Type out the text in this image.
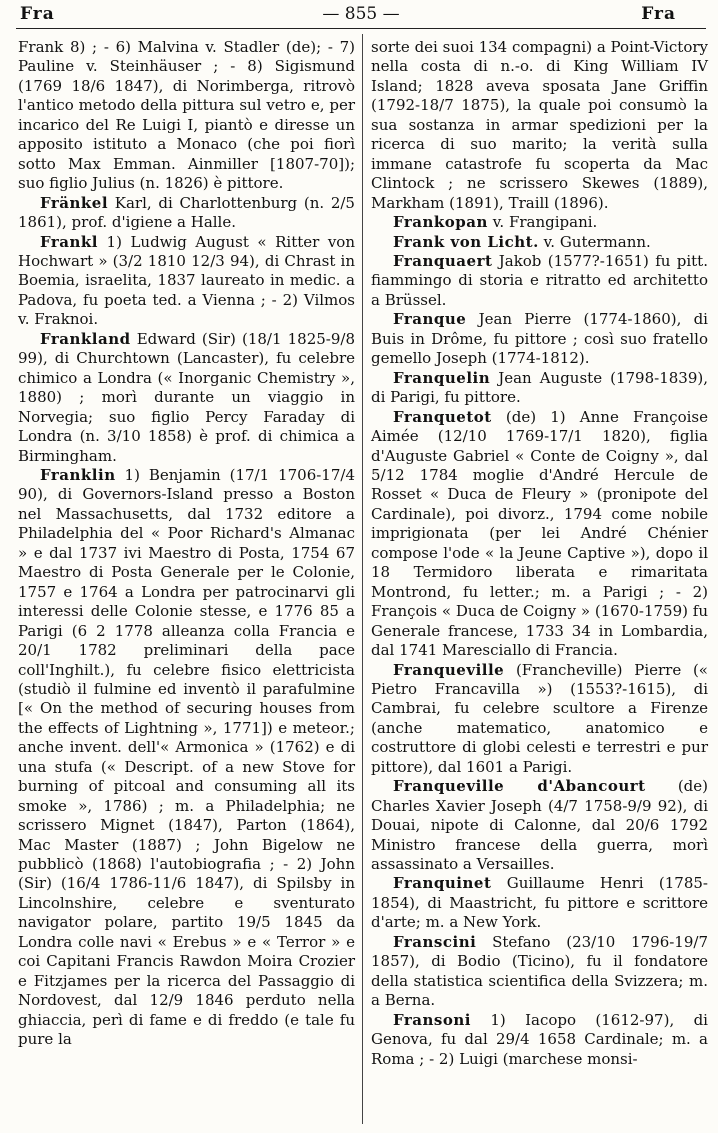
Fra	— 855 —	Fra

Frank 8) ; - 6) Malvina v. Stadler (de); - 7) Pauline v. Steinhäuser ; - 8) Sigismund (1769 18/6 1847), di Norimberga, ritrovò l'antico metodo della pittura sul vetro e, per incarico del Re Luigi I, piantò e diresse un apposito istituto a Monaco (che poi fiorì sotto Max Emman. Ainmiller [1807-70]); suo figlio Julius (n. 1826) è pittore.

Fränkel Karl, di Charlottenburg (n. 2/5 1861), prof. d'igiene a Halle.

Frankl 1) Ludwig August « Ritter von Hochwart » (3/2 1810 12/3 94), di Chrast in Boemia, israelita, 1837 laureato in medic. a Padova, fu poeta ted. a Vienna ; - 2) Vilmos v. Fraknoi.

Frankland Edward (Sir) (18/1 1825-9/8 99), di Churchtown (Lancaster), fu celebre chimico a Londra (« Inorganic Chemistry », 1880) ; morì durante un viaggio in Norvegia; suo figlio Percy Faraday di Londra (n. 3/10 1858) è prof. di chimica a Birmingham.

Franklin 1) Benjamin (17/1 1706-17/4 90), di Governors-Island presso a Boston nel Massachusetts, dal 1732 editore a Philadelphia del « Poor Richard's Almanac » e dal 1737 ivi Maestro di Posta, 1754 67 Maestro di Posta Generale per le Colonie, 1757 e 1764 a Londra per patrocinarvi gli interessi delle Colonie stesse, e 1776 85 a Parigi (6 2 1778 alleanza colla Francia e 20/1 1782 preliminari della pace coll'Inghilt.), fu celebre fisico elettricista (studiò il fulmine ed inventò il parafulmine [« On the method of securing houses from the effects of Lightning », 1771]) e meteor.; anche invent. dell'« Armonica » (1762) e di una stufa (« Descript. of a new Stove for burning of pitcoal and consuming all its smoke », 1786) ; m. a Philadelphia; ne scrissero Mignet (1847), Parton (1864), Mac Master (1887) ; John Bigelow ne pubblicò (1868) l'autobiografia ; - 2) John (Sir) (16/4 1786-11/6 1847), di Spilsby in Lincolnshire, celebre e sventurato navigator polare, partito 19/5 1845 da Londra colle navi « Erebus » e « Terror » e coi Capitani Francis Rawdon Moira Crozier e Fitzjames per la ricerca del Passaggio di Nordovest, dal 12/9 1846 perduto nella ghiaccia, perì di fame e di freddo (e tale fu pure la

sorte dei suoi 134 compagni) a Point-Victory nella costa di n.-o. di King William IV Island; 1828 aveva sposata Jane Griffin (1792-18/7 1875), la quale poi consumò la sua sostanza in armar spedizioni per la ricerca di suo marito; la verità sulla immane catastrofe fu scoperta da Mac Clintock ; ne scrissero Skewes (1889), Markham (1891), Traill (1896).

Frankopan v. Frangipani.

Frank von Licht. v. Gutermann.

Franquaert Jakob (1577?-1651) fu pitt. fiammingo di storia e ritratto ed architetto a Brüssel.

Franque Jean Pierre (1774-1860), di Buis in Drôme, fu pittore ; così suo fratello gemello Joseph (1774-1812).

Franquelin Jean Auguste (1798-1839), di Parigi, fu pittore.

Franquetot (de) 1) Anne Françoise Aimée (12/10 1769-17/1 1820), figlia d'Auguste Gabriel « Conte de Coigny », dal 5/12 1784 moglie d'André Hercule de Rosset « Duca de Fleury » (pronipote del Cardinale), poi divorz., 1794 come nobile imprigionata (per lei André Chénier compose l'ode « la Jeune Captive »), dopo il 18 Termidoro liberata e rimaritata Montrond, fu letter.; m. a Parigi ; - 2) François « Duca de Coigny » (1670-1759) fu Generale francese, 1733 34 in Lombardia, dal 1741 Maresciallo di Francia.

Franqueville (Francheville) Pierre (« Pietro Francavilla ») (1553?-1615), di Cambrai, fu celebre scultore a Firenze (anche matematico, anatomico e costruttore di globi celesti e terrestri e pur pittore), dal 1601 a Parigi.

Franqueville d'Abancourt (de) Charles Xavier Joseph (4/7 1758-9/9 92), di Douai, nipote di Calonne, dal 20/6 1792 Ministro francese della guerra, morì assassinato a Versailles.

Franquinet Guillaume Henri (1785-1854), di Maastricht, fu pittore e scrittore d'arte; m. a New York.

Franscini Stefano (23/10 1796-19/7 1857), di Bodio (Ticino), fu il fondatore della statistica scientifica della Svizzera; m. a Berna.

Fransoni 1) Iacopo (1612-97), di Genova, fu dal 29/4 1658 Cardinale; m. a Roma ; - 2) Luigi (marchese monsi-
